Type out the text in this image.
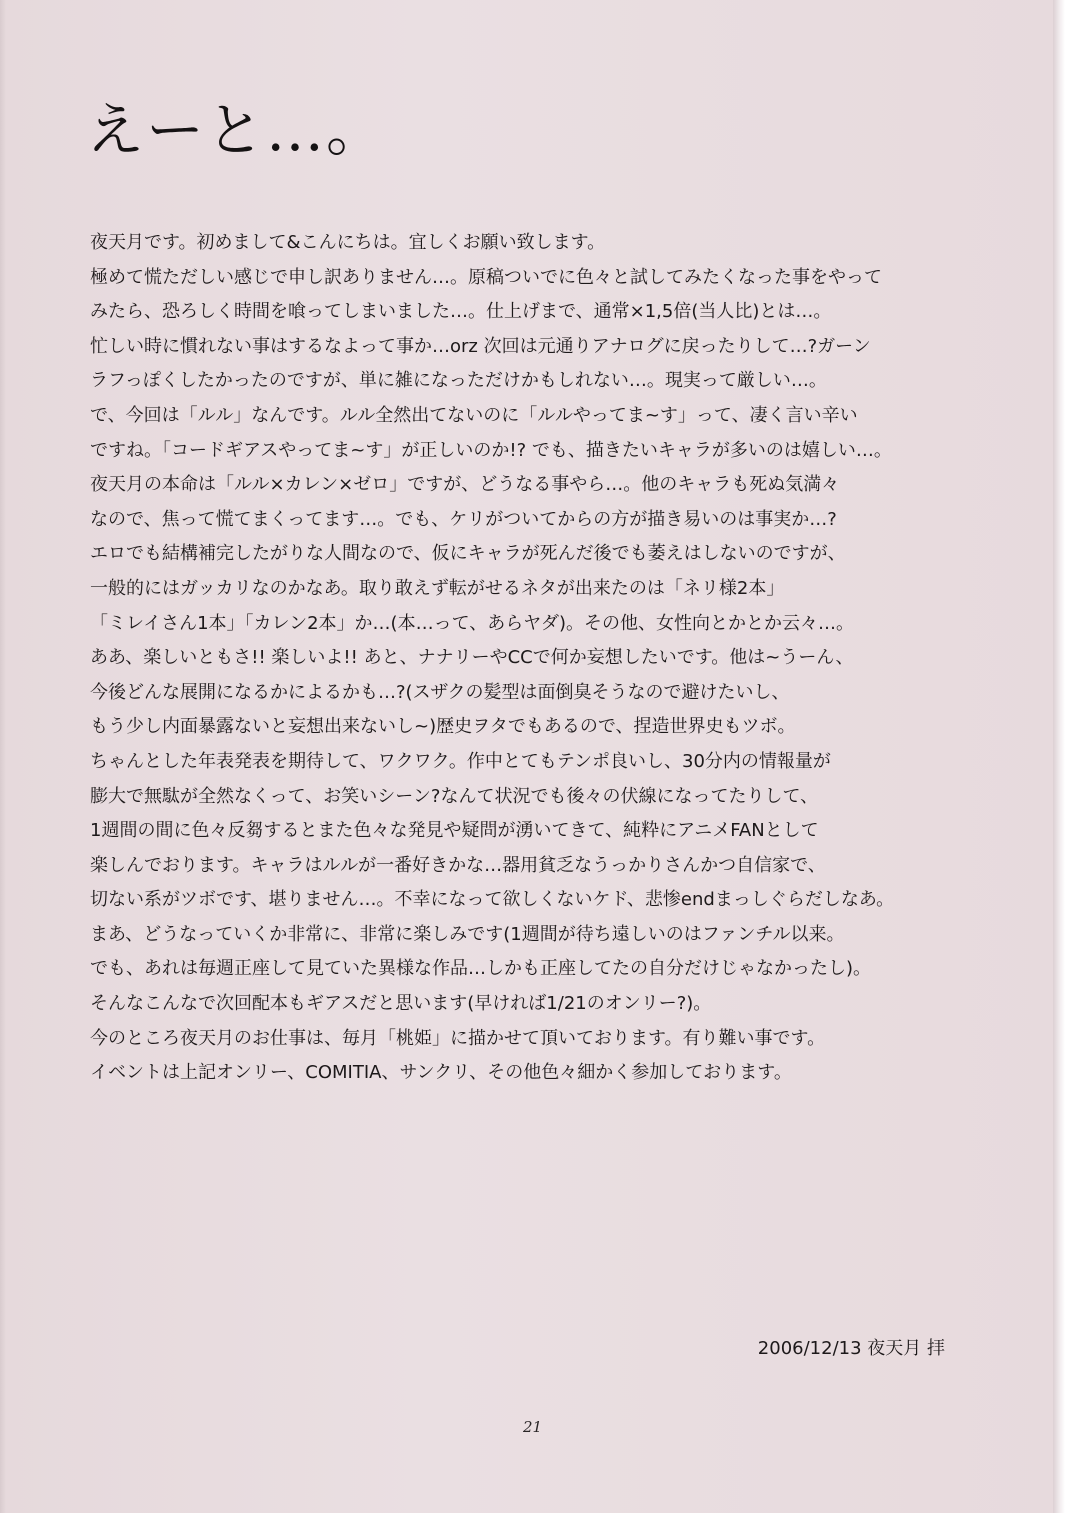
えーと…。
夜天月です。初めまして&こんにちは。宜しくお願い致します。
極めて慌ただしい感じで申し訳ありません…。原稿ついでに色々と試してみたくなった事をやって
みたら、恐ろしく時間を喰ってしまいました…。仕上げまで、通常×1,5倍(当人比)とは…。
忙しい時に慣れない事はするなよって事か…orz 次回は元通りアナログに戻ったりして…?ガーン
ラフっぽくしたかったのですが、単に雑になっただけかもしれない…。現実って厳しい…。
で、今回は「ルル」なんです。ルル全然出てないのに「ルルやってま~す」って、凄く言い辛い
ですね。「コードギアスやってま~す」が正しいのか!? でも、描きたいキャラが多いのは嬉しい…。
夜天月の本命は「ルル×カレン×ゼロ」ですが、どうなる事やら…。他のキャラも死ぬ気満々
なので、焦って慌てまくってます…。でも、ケリがついてからの方が描き易いのは事実か…?
エロでも結構補完したがりな人間なので、仮にキャラが死んだ後でも萎えはしないのですが、
一般的にはガッカリなのかなあ。取り敢えず転がせるネタが出来たのは「ネリ様2本」
「ミレイさん1本」「カレン2本」か…(本…って、あらヤダ)。その他、女性向とかとか云々…。
ああ、楽しいともさ!! 楽しいよ!! あと、ナナリーやCCで何か妄想したいです。他は~うーん、
今後どんな展開になるかによるかも…?(スザクの髪型は面倒臭そうなので避けたいし、
もう少し内面暴露ないと妄想出来ないし~)歴史ヲタでもあるので、捏造世界史もツボ。
ちゃんとした年表発表を期待して、ワクワク。作中とてもテンポ良いし、30分内の情報量が
膨大で無駄が全然なくって、お笑いシーン?なんて状況でも後々の伏線になってたりして、
1週間の間に色々反芻するとまた色々な発見や疑問が湧いてきて、純粋にアニメFANとして
楽しんでおります。キャラはルルが一番好きかな…器用貧乏なうっかりさんかつ自信家で、
切ない系がツボです、堪りません…。不幸になって欲しくないケド、悲惨endまっしぐらだしなあ。
まあ、どうなっていくか非常に、非常に楽しみです(1週間が待ち遠しいのはファンチル以来。
でも、あれは毎週正座して見ていた異様な作品…しかも正座してたの自分だけじゃなかったし)。
そんなこんなで次回配本もギアスだと思います(早ければ1/21のオンリー?)。
今のところ夜天月のお仕事は、毎月「桃姫」に描かせて頂いております。有り難い事です。
イベントは上記オンリー、COMITIA、サンクリ、その他色々細かく参加しております。
2006/12/13 夜天月 拝
21
